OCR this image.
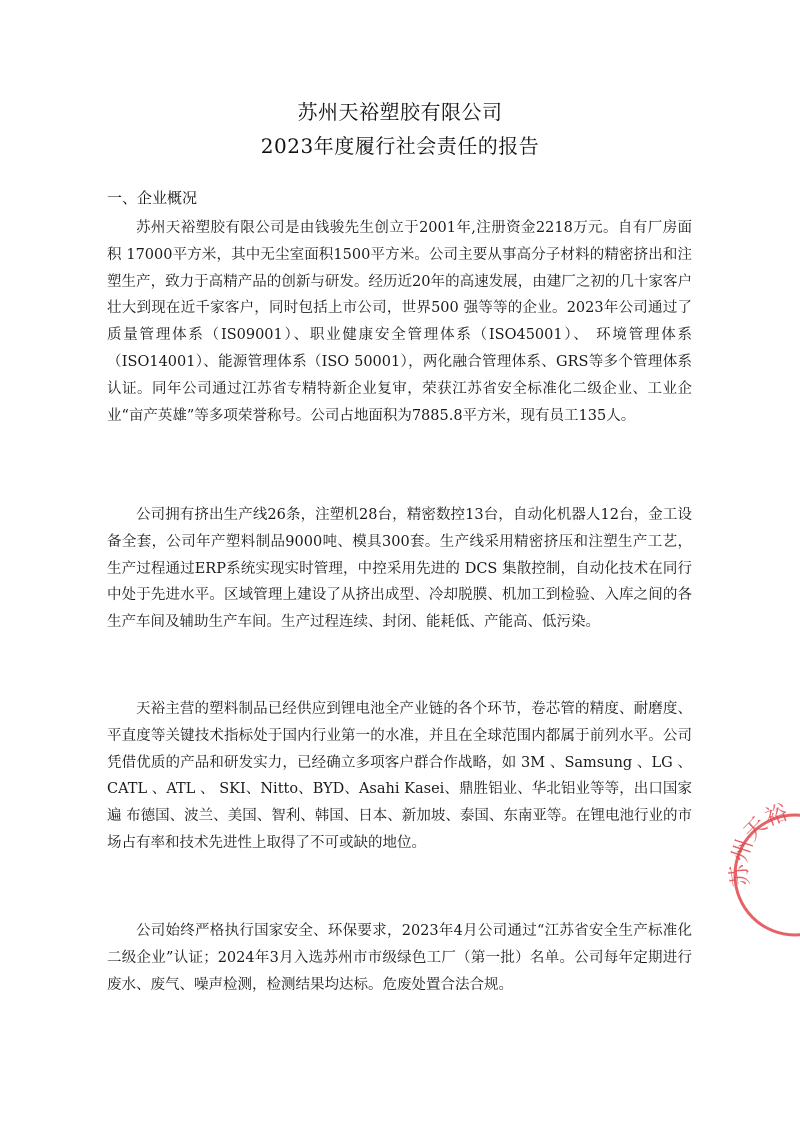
苏州天裕塑胶有限公司
2023年度履行社会责任的报告
一、企业概况

苏州天裕塑胶有限公司是由钱骏先生创立于2001年,注册资金2218万元。自有厂房面积 17000平方米，其中无尘室面积1500平方米。公司主要从事高分子材料的精密挤出和注塑生产，致力于高精产品的创新与研发。经历近20年的高速发展，由建厂之初的几十家客户壮大到现在近千家客户，同时包括上市公司，世界500 强等等的企业。2023年公司通过了质量管理体系（IS09001）、职业健康安全管理体系（ISO45001）、 环境管理体系（ISO14001）、能源管理体系（ISO 50001），两化融合管理体系、GRS等多个管理体系认证。同年公司通过江苏省专精特新企业复审，荣获江苏省安全标准化二级企业、工业企业“亩产英雄”等多项荣誉称号。公司占地面积为7885.8平方米，现有员工135人。

公司拥有挤出生产线26条，注塑机28台，精密数控13台，自动化机器人12台，金工设备全套，公司年产塑料制品9000吨、模具300套。生产线采用精密挤压和注塑生产工艺，生产过程通过ERP系统实现实时管理，中控采用先进的 DCS 集散控制，自动化技术在同行中处于先进水平。区域管理上建设了从挤出成型、冷却脱膜、机加工到检验、入库之间的各生产车间及辅助生产车间。生产过程连续、封闭、能耗低、产能高、低污染。

天裕主营的塑料制品已经供应到锂电池全产业链的各个环节，卷芯管的精度、耐磨度、平直度等关键技术指标处于国内行业第一的水准，并且在全球范围内都属于前列水平。公司凭借优质的产品和研发实力，已经确立多项客户群合作战略，如 3M 、Samsung 、LG 、CATL 、ATL 、 SKI、Nitto、BYD、Asahi Kasei、鼎胜铝业、华北铝业等等，出口国家遍 布德国、波兰、美国、智利、韩国、日本、新加坡、泰国、东南亚等。在锂电池行业的市场占有率和技术先进性上取得了不可或缺的地位。

公司始终严格执行国家安全、环保要求，2023年4月公司通过“江苏省安全生产标准化二级企业”认证；2024年3月入选苏州市市级绿色工厂（第一批）名单。公司每年定期进行废水、废气、噪声检测，检测结果均达标。危废处置合法合规。

苏州天裕
